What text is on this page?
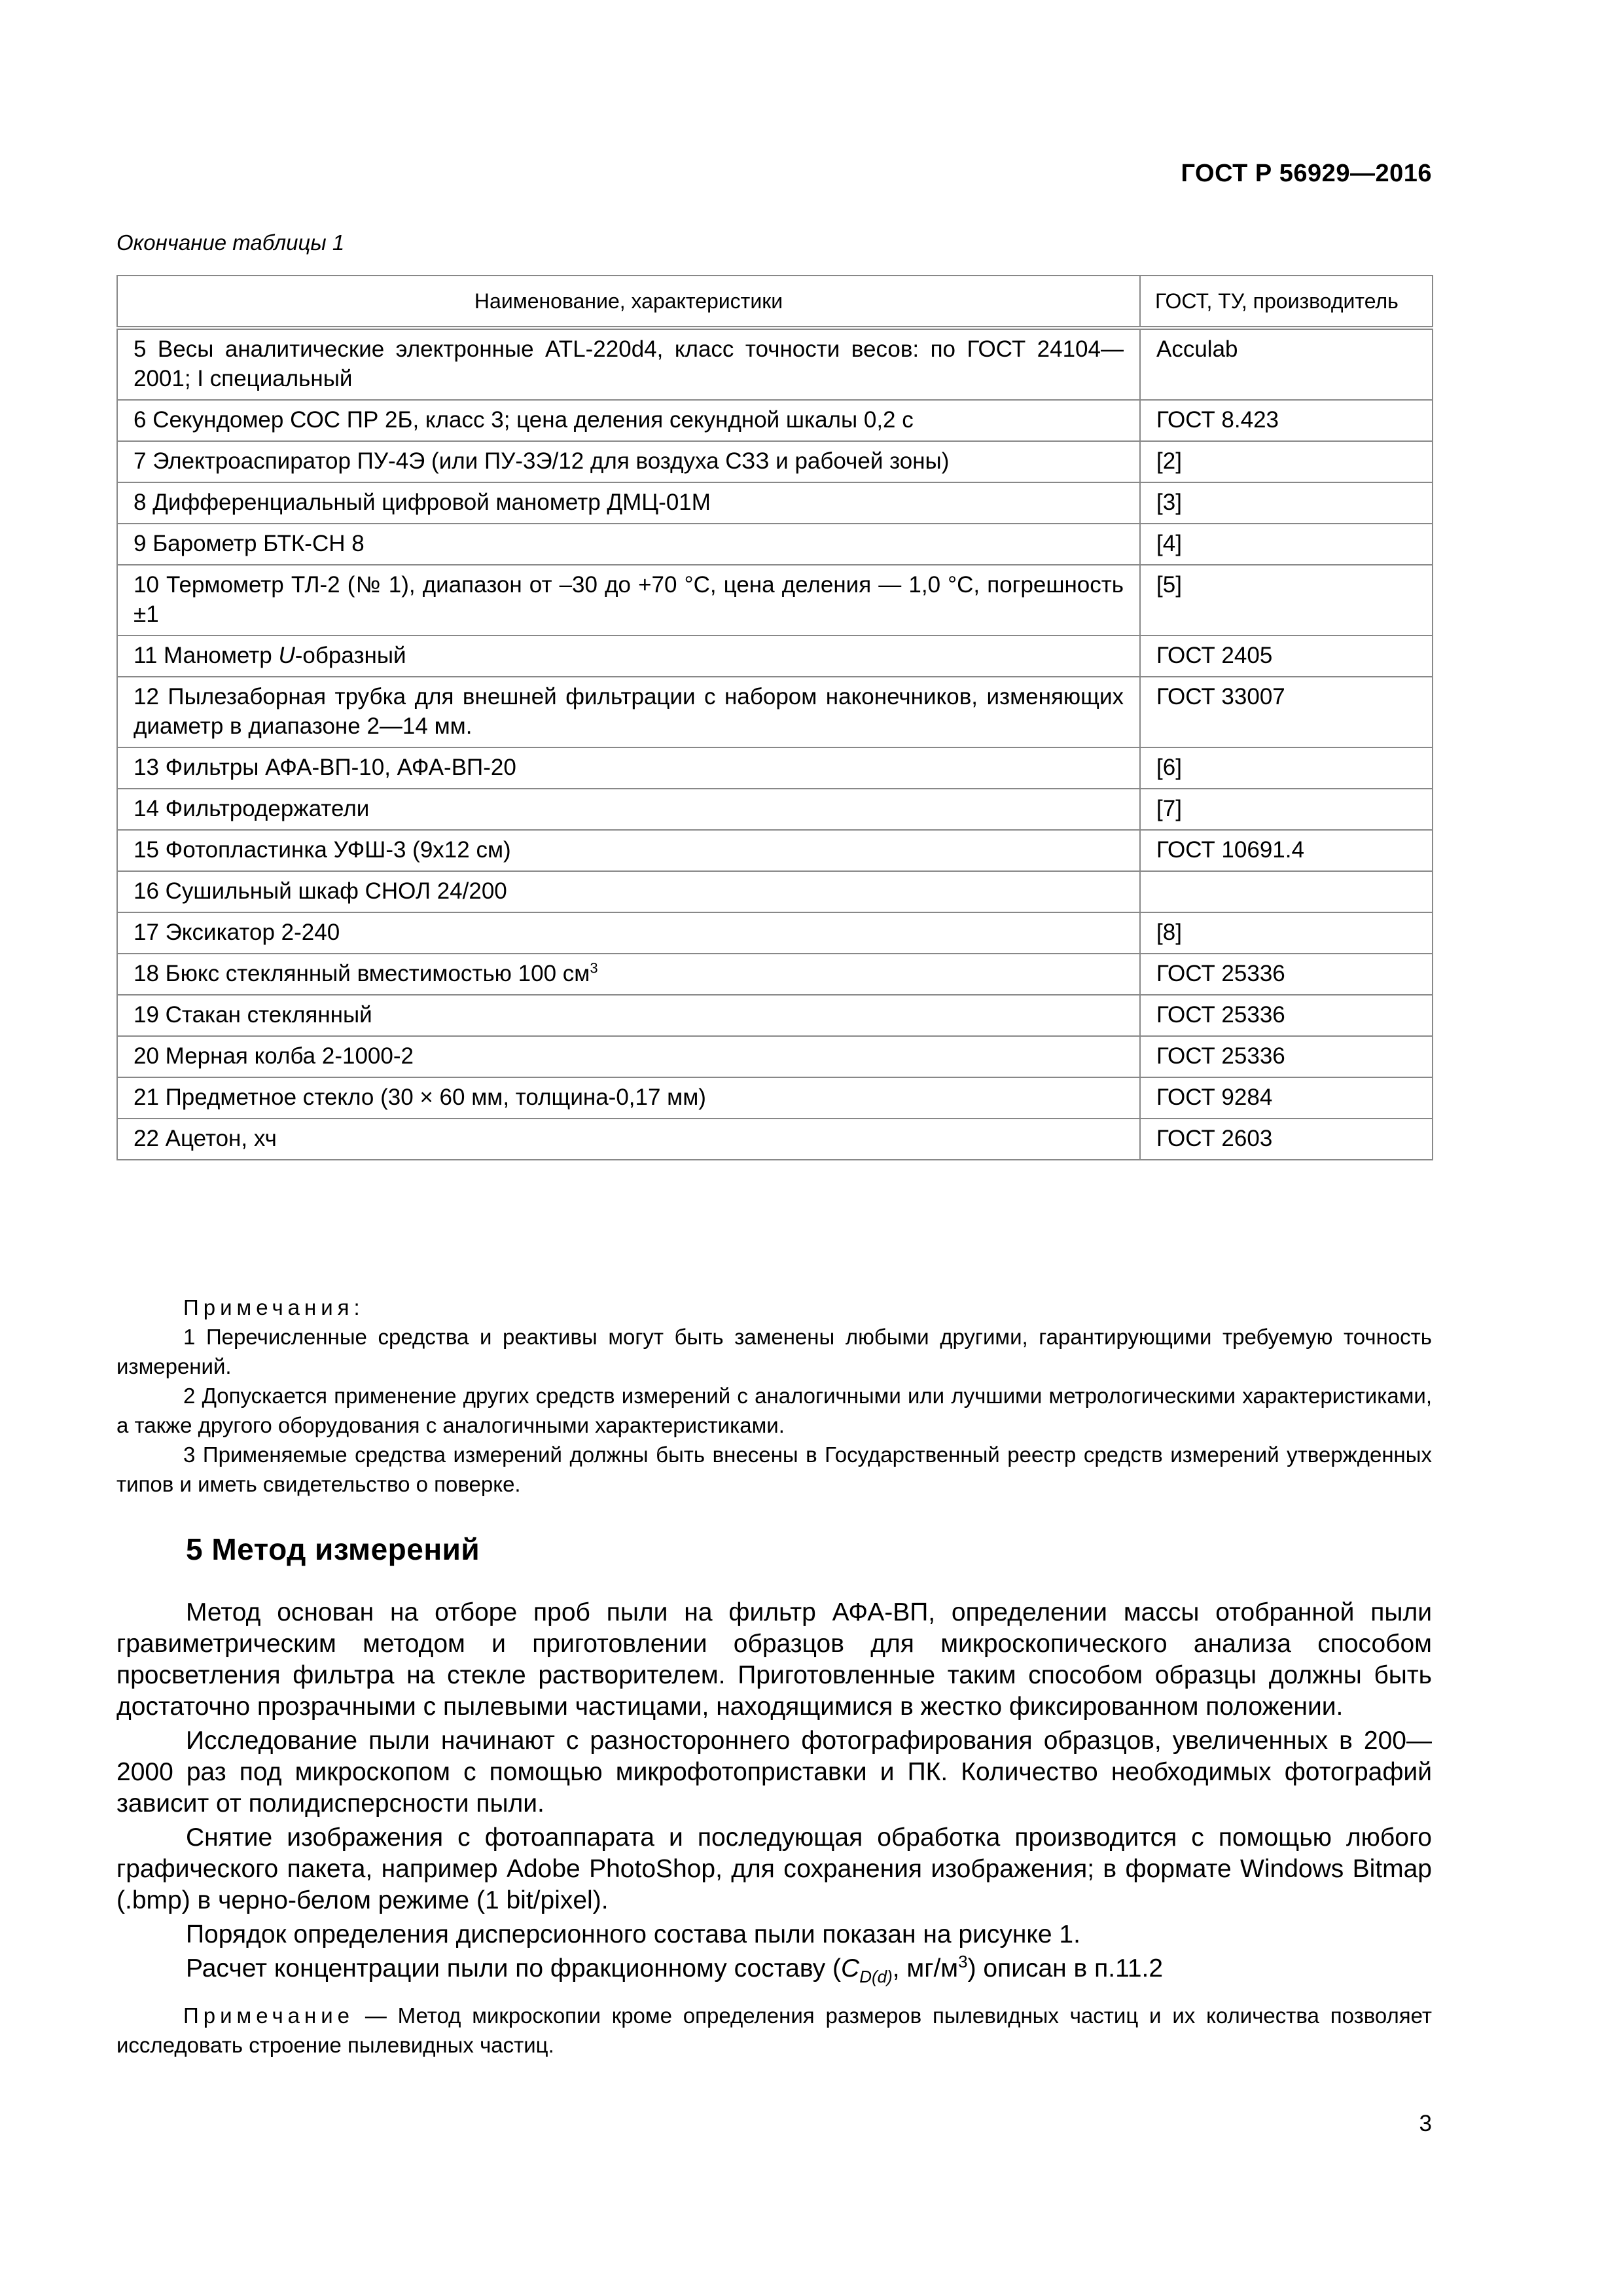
ГОСТ Р 56929—2016
Окончание таблицы 1
Наименование, характеристики	ГОСТ, ТУ, производитель
5 Весы аналитические электронные ATL-220d4, класс точности весов: по ГОСТ 24104—2001; I специальный	Acculab
6 Секундомер СОС ПР 2Б, класс 3; цена деления секундной шкалы 0,2 с	ГОСТ 8.423
7 Электроаспиратор ПУ-4Э (или ПУ-3Э/12 для воздуха СЗЗ и рабочей зоны)	[2]
8 Дифференциальный цифровой манометр ДМЦ-01М	[3]
9 Барометр БТК-СН 8	[4]
10 Термометр ТЛ-2 (№ 1), диапазон от –30 до +70 °С, цена деления — 1,0 °С, погрешность ±1	[5]
11 Манометр U-образный	ГОСТ 2405
12 Пылезаборная трубка для внешней фильтрации с набором наконечников, изменяющих диаметр в диапазоне 2—14 мм.	ГОСТ 33007
13 Фильтры АФА-ВП-10, АФА-ВП-20	[6]
14 Фильтродержатели	[7]
15 Фотопластинка УФШ-3 (9х12 см)	ГОСТ 10691.4
16 Сушильный шкаф СНОЛ 24/200	
17 Эксикатор 2-240	[8]
18 Бюкс стеклянный вместимостью 100 $см^3$	ГОСТ 25336
19 Стакан стеклянный	ГОСТ 25336
20 Мерная колба 2-1000-2	ГОСТ 25336
21 Предметное стекло (30 × 60 мм, толщина-0,17 мм)	ГОСТ 9284
22 Ацетон, хч	ГОСТ 2603

Примечания:

1 Перечисленные средства и реактивы могут быть заменены любыми другими, гарантирующими требуемую точность измерений.

2 Допускается применение других средств измерений с аналогичными или лучшими метрологическими характеристиками, а также другого оборудования с аналогичными характеристиками.

3 Применяемые средства измерений должны быть внесены в Государственный реестр средств измерений утвержденных типов и иметь свидетельство о поверке.

5 Метод измерений

Метод основан на отборе проб пыли на фильтр АФА-ВП, определении массы отобранной пыли гравиметрическим методом и приготовлении образцов для микроскопического анализа способом просветления фильтра на стекле растворителем. Приготовленные таким способом образцы должны быть достаточно прозрачными с пылевыми частицами, находящимися в жестко фиксированном положении.

Исследование пыли начинают с разностороннего фотографирования образцов, увеличенных в 200—2000 раз под микроскопом с помощью микрофотоприставки и ПК. Количество необходимых фотографий зависит от полидисперсности пыли.

Снятие изображения с фотоаппарата и последующая обработка производится с помощью любого графического пакета, например Adobe PhotoShop, для сохранения изображения; в формате Windows Bitmap (.bmp) в черно-белом режиме (1 bit/pixel).

Порядок определения дисперсионного состава пыли показан на рисунке 1.

Расчет концентрации пыли по фракционному составу ($C_{D(d)}$, $мг/м^3$) описан в п.11.2

Примечание — Метод микроскопии кроме определения размеров пылевидных частиц и их количества позволяет исследовать строение пылевидных частиц.

3
